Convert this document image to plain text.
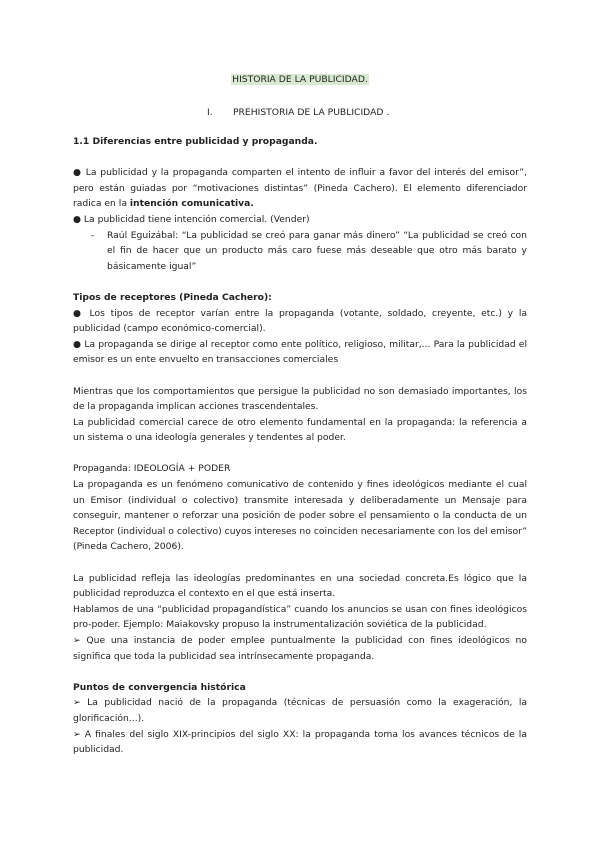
HISTORIA DE LA PUBLICIDAD.
I. PREHISTORIA DE LA PUBLICIDAD .

1.1 Diferencias entre publicidad y propaganda.

● La publicidad y la propaganda comparten el intento de influir a favor del interés del emisor”, pero están guiadas por “motivaciones distintas” (Pineda Cachero). El elemento diferenciador radica en la intención comunicativa.

● La publicidad tiene intención comercial. (Vender)

-	Raúl Eguizábal: “La publicidad se creó para ganar más dinero” “La publicidad se creó con el fin de hacer que un producto más caro fuese más deseable que otro más barato y básicamente igual”

Tipos de receptores (Pineda Cachero):

● Los tipos de receptor varían entre la propaganda (votante, soldado, creyente, etc.) y la publicidad (campo económico-comercial).

● La propaganda se dirige al receptor como ente político, religioso, militar,... Para la publicidad el emisor es un ente envuelto en transacciones comerciales

Mientras que los comportamientos que persigue la publicidad no son demasiado importantes, los de la propaganda implican acciones trascendentales.

La publicidad comercial carece de otro elemento fundamental en la propaganda: la referencia a un sistema o una ideología generales y tendentes al poder.

Propaganda: IDEOLOGÍA + PODER

La propaganda es un fenómeno comunicativo de contenido y fines ideológicos mediante el cual un Emisor (individual o colectivo) transmite interesada y deliberadamente un Mensaje para conseguir, mantener o reforzar una posición de poder sobre el pensamiento o la conducta de un Receptor (individual o colectivo) cuyos intereses no coinciden necesariamente con los del emisor” (Pineda Cachero, 2006).

La publicidad refleja las ideologías predominantes en una sociedad concreta.Es lógico que la publicidad reproduzca el contexto en el que está inserta.

Hablamos de una “publicidad propagandística” cuando los anuncios se usan con fines ideológicos pro-poder. Ejemplo: Maiakovsky propuso la instrumentalización soviética de la publicidad.

➢ Que una instancia de poder emplee puntualmente la publicidad con fines ideológicos no significa que toda la publicidad sea intrínsecamente propaganda.

Puntos de convergencia histórica

➢ La publicidad nació de la propaganda (técnicas de persuasión como la exageración, la glorificación...).

➢ A finales del siglo XIX-principios del siglo XX: la propaganda toma los avances técnicos de la publicidad.
